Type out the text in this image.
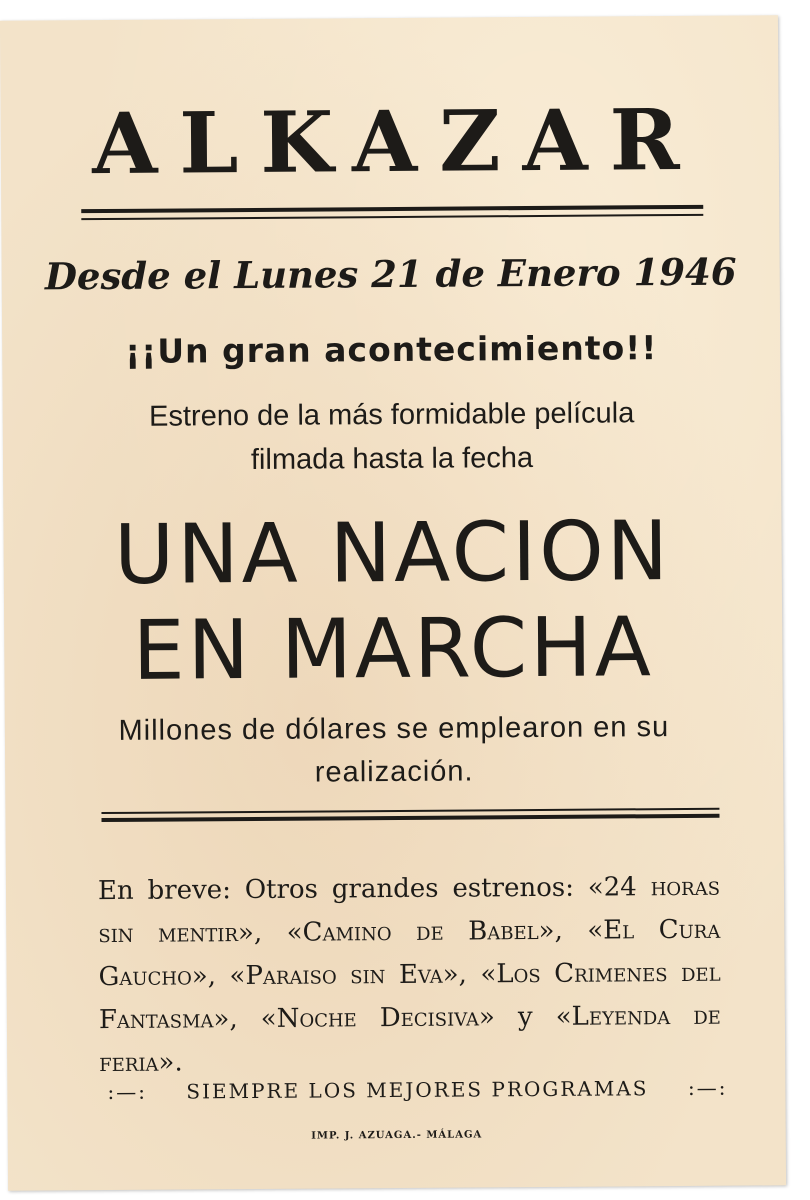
ALKAZAR
Desde el Lunes 21 de Enero 1946
¡¡Un gran acontecimiento!!
Estreno de la más formidable película
filmada hasta la fecha
UNA NACION
EN MARCHA
Millones de dólares se emplearon en su
realización.
En breve: Otros grandes estrenos: «24 horas sin mentir», «Camino de Babel», «El Cura Gaucho», «Paraiso sin Eva», «Los Crimenes del Fantasma», «Noche Decisiva» y «Leyenda de feria».
:—:	SIEMPRE LOS MEJORES PROGRAMAS	:—:
IMP. J. AZUAGA.- MÁLAGA
